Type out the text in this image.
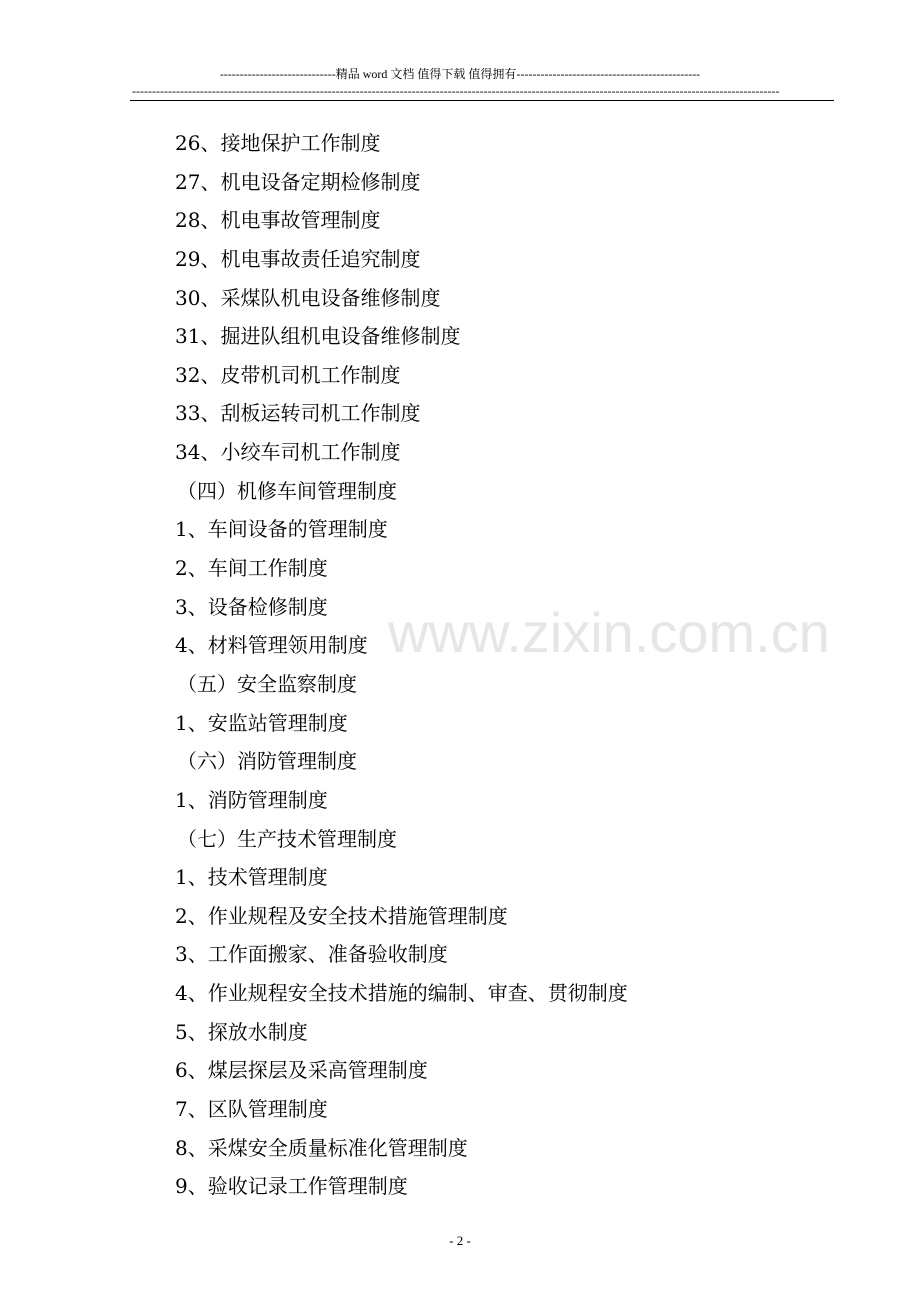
-----------------------------精品 word 文档 值得下载 值得拥有----------------------------------------------
------------------------------------------------------------------------------------------------------------------------------------------------------------------
www.zixin.com.cn
26、接地保护工作制度
27、机电设备定期检修制度
28、机电事故管理制度
29、机电事故责任追究制度
30、采煤队机电设备维修制度
31、掘进队组机电设备维修制度
32、皮带机司机工作制度
33、刮板运转司机工作制度
34、小绞车司机工作制度
（四）机修车间管理制度
1、车间设备的管理制度
2、车间工作制度
3、设备检修制度
4、材料管理领用制度
（五）安全监察制度
1、安监站管理制度
（六）消防管理制度
1、消防管理制度
（七）生产技术管理制度
1、技术管理制度
2、作业规程及安全技术措施管理制度
3、工作面搬家、准备验收制度
4、作业规程安全技术措施的编制、审查、贯彻制度
5、探放水制度
6、煤层探层及采高管理制度
7、区队管理制度
8、采煤安全质量标准化管理制度
9、验收记录工作管理制度
- 2 -
